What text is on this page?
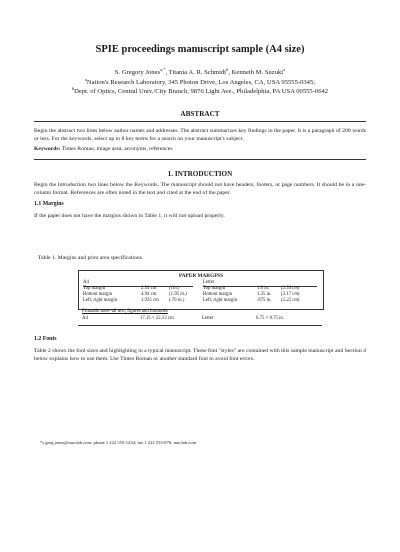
SPIE proceedings manuscript sample (A4 size)
S. Gregory Jones$^{a,*}$, Titania A. R. Schmidt$^b$, Kenneth M. Suzuki$^a$
$^a$Nation's Research Laboratory, 345 Photon Drive, Los Angeles, CA, USA 95555-0345;
$^b$Dept. of Optics, Central Univ./City Branch, 9876 Light Ave., Philadelphia, PA USA 00555-0642
ABSTRACT
Begin the abstract two lines below author names and addresses. The abstract summarizes key findings in the paper. It is a paragraph of 200 words or less. For the keywords, select up to 8 key terms for a search on your manuscript's subject.
Keywords: Times Roman, image area, acronyms, references
1. INTRODUCTION
Begin the Introduction two lines below the Keywords. The manuscript should not have headers, footers, or page numbers. It should be in a one-column format. References are often noted in the text and cited at the end of the paper.
1.1 Margins
If the paper does not have the margins shown in Table 1, it will not upload properly.
Table 1. Margins and print area specifications.
PAPER MARGINS
A4	Letter
Top margin	2.54 cm	(1in.)	Top margin	1.0 in. (2.54 cm)
Bottom margin	4.94 cm	(1.95 in.)	Bottom margin	1.25 in. (3.17 cm)
Left, right margin	1.925 cm (.76 in.)	Left, right margin	.875 in. (2.22 cm)
Printable area--all text, figures and footnotes
A4	17.15 × 22.23 cm	Letter	6.75 × 8.75 in.
1.2 Fonts
Table 2 shows the font sizes and highlighting in a typical manuscript. These font "styles" are contained with this sample manuscript and Section 4 below explains how to use them. Use Times Roman or another standard font to avoid font errors.
*s.greg.jones@narclab.com; phone 1 222 555-1234; fax 1 222 555-876; narclab.com
